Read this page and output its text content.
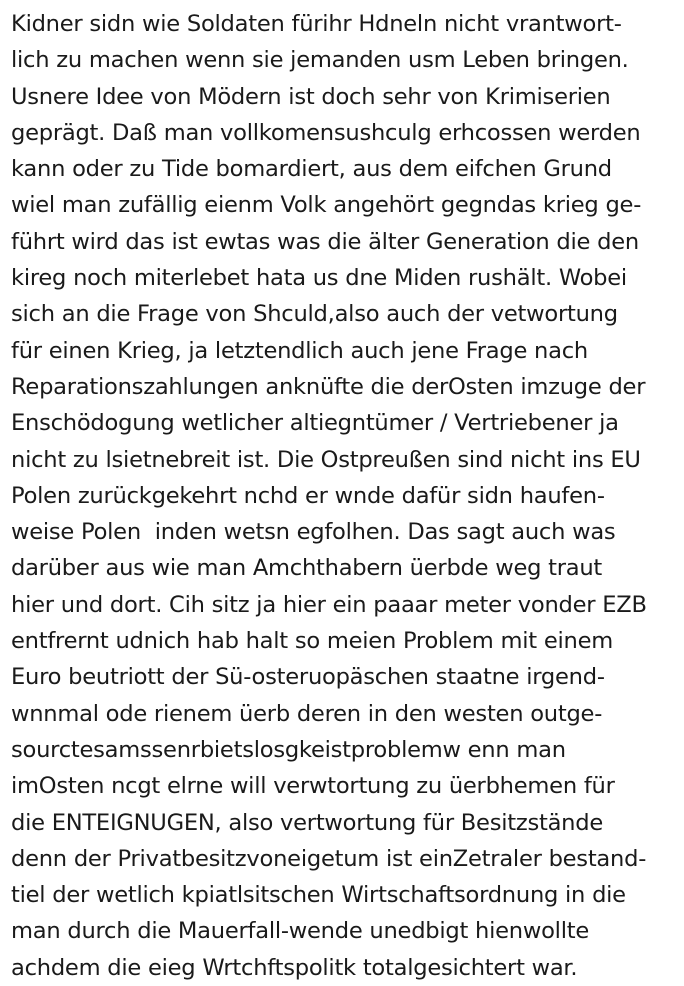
Kidner sidn wie Soldaten fürihr Hdneln nicht vrantwort-
lich zu machen wenn sie jemanden usm Leben bringen.
Usnere Idee von Mödern ist doch sehr von Krimiserien
geprägt. Daß man vollkomensushculg erhcossen werden
kann oder zu Tide bomardiert, aus dem eifchen Grund
wiel man zufällig eienm Volk angehört gegndas krieg ge-
führt wird das ist ewtas was die älter Generation die den
kireg noch miterlebet hata us dne Miden rushält. Wobei
sich an die Frage von Shculd,also auch der vetwortung
für einen Krieg, ja letztendlich auch jene Frage nach
Reparationszahlungen anknüfte die derOsten imzuge der
Enschödogung wetlicher altiegntümer / Vertriebener ja
nicht zu lsietnebreit ist. Die Ostpreußen sind nicht ins EU
Polen zurückgekehrt nchd er wnde dafür sidn haufen-
weise Polen  inden wetsn egfolhen. Das sagt auch was
darüber aus wie man Amchthabern üerbde weg traut
hier und dort. Cih sitz ja hier ein paaar meter vonder EZB
entfrernt udnich hab halt so meien Problem mit einem
Euro beutriott der Sü-osteruopäschen staatne irgend-
wnnmal ode rienem üerb deren in den westen outge-
sourctesamssenrbietslosgkeistproblemw enn man
imOsten ncgt elrne will verwtortung zu üerbhemen für
die ENTEIGNUGEN, also vertwortung für Besitzstände
denn der Privatbesitzvoneigetum ist einZetraler bestand-
tiel der wetlich kpiatlsitschen Wirtschaftsordnung in die
man durch die Mauerfall-wende unedbigt hienwollte
achdem die eieg Wrtchftspolitk totalgesichtert war.
